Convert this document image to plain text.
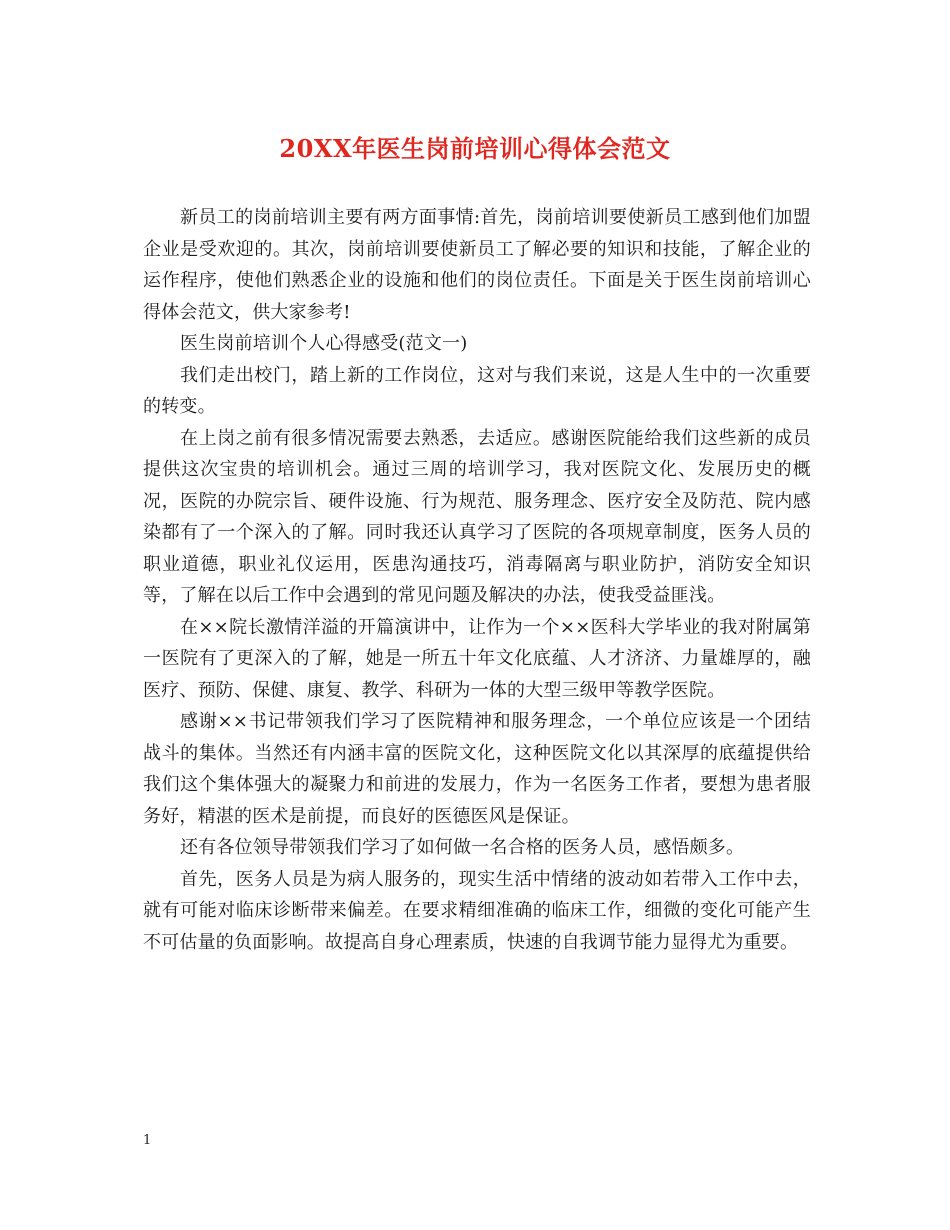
20XX年医生岗前培训心得体会范文

新员工的岗前培训主要有两方面事情:首先，岗前培训要使新员工感到他们加盟企业是受欢迎的。其次，岗前培训要使新员工了解必要的知识和技能，了解企业的运作程序，使他们熟悉企业的设施和他们的岗位责任。下面是关于医生岗前培训心得体会范文，供大家参考!

医生岗前培训个人心得感受(范文一)

我们走出校门，踏上新的工作岗位，这对与我们来说，这是人生中的一次重要的转变。

在上岗之前有很多情况需要去熟悉，去适应。感谢医院能给我们这些新的成员提供这次宝贵的培训机会。通过三周的培训学习，我对医院文化、发展历史的概况，医院的办院宗旨、硬件设施、行为规范、服务理念、医疗安全及防范、院内感染都有了一个深入的了解。同时我还认真学习了医院的各项规章制度，医务人员的职业道德，职业礼仪运用，医患沟通技巧，消毒隔离与职业防护，消防安全知识等，了解在以后工作中会遇到的常见问题及解决的办法，使我受益匪浅。

在××院长激情洋溢的开篇演讲中，让作为一个××医科大学毕业的我对附属第一医院有了更深入的了解，她是一所五十年文化底蕴、人才济济、力量雄厚的，融医疗、预防、保健、康复、教学、科研为一体的大型三级甲等教学医院。

感谢××书记带领我们学习了医院精神和服务理念，一个单位应该是一个团结战斗的集体。当然还有内涵丰富的医院文化，这种医院文化以其深厚的底蕴提供给我们这个集体强大的凝聚力和前进的发展力，作为一名医务工作者，要想为患者服务好，精湛的医术是前提，而良好的医德医风是保证。

还有各位领导带领我们学习了如何做一名合格的医务人员，感悟颇多。

首先，医务人员是为病人服务的，现实生活中情绪的波动如若带入工作中去，就有可能对临床诊断带来偏差。在要求精细准确的临床工作，细微的变化可能产生不可估量的负面影响。故提高自身心理素质，快速的自我调节能力显得尤为重要。

1
